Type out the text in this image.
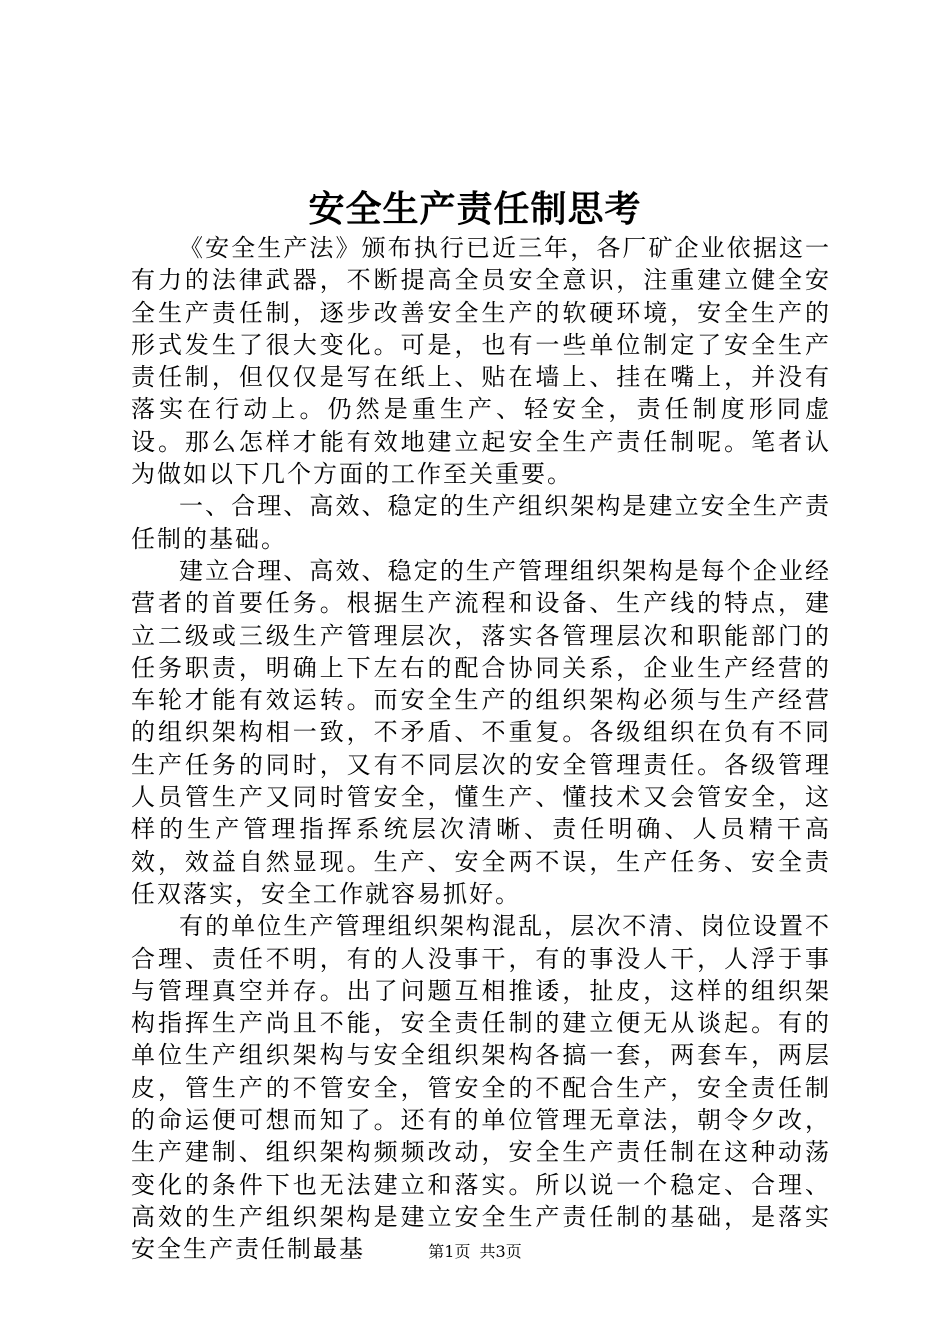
安全生产责任制思考

《安全生产法》颁布执行已近三年，各厂矿企业依据这一有力的法律武器，不断提高全员安全意识，注重建立健全安全生产责任制，逐步改善安全生产的软硬环境，安全生产的形式发生了很大变化。可是，也有一些单位制定了安全生产责任制，但仅仅是写在纸上、贴在墙上、挂在嘴上，并没有落实在行动上。仍然是重生产、轻安全，责任制度形同虚设。那么怎样才能有效地建立起安全生产责任制呢。笔者认为做如以下几个方面的工作至关重要。

一、合理、高效、稳定的生产组织架构是建立安全生产责任制的基础。

建立合理、高效、稳定的生产管理组织架构是每个企业经营者的首要任务。根据生产流程和设备、生产线的特点，建立二级或三级生产管理层次，落实各管理层次和职能部门的任务职责，明确上下左右的配合协同关系，企业生产经营的车轮才能有效运转。而安全生产的组织架构必须与生产经营的组织架构相一致，不矛盾、不重复。各级组织在负有不同生产任务的同时，又有不同层次的安全管理责任。各级管理人员管生产又同时管安全，懂生产、懂技术又会管安全，这样的生产管理指挥系统层次清晰、责任明确、人员精干高效，效益自然显现。生产、安全两不误，生产任务、安全责任双落实，安全工作就容易抓好。

有的单位生产管理组织架构混乱，层次不清、岗位设置不合理、责任不明，有的人没事干，有的事没人干，人浮于事与管理真空并存。出了问题互相推诿，扯皮，这样的组织架构指挥生产尚且不能，安全责任制的建立便无从谈起。有的单位生产组织架构与安全组织架构各搞一套，两套车，两层皮，管生产的不管安全，管安全的不配合生产，安全责任制的命运便可想而知了。还有的单位管理无章法，朝令夕改，生产建制、组织架构频频改动，安全生产责任制在这种动荡变化的条件下也无法建立和落实。所以说一个稳定、合理、高效的生产组织架构是建立安全生产责任制的基础，是落实安全生产责任制最基	第1页 共3页
